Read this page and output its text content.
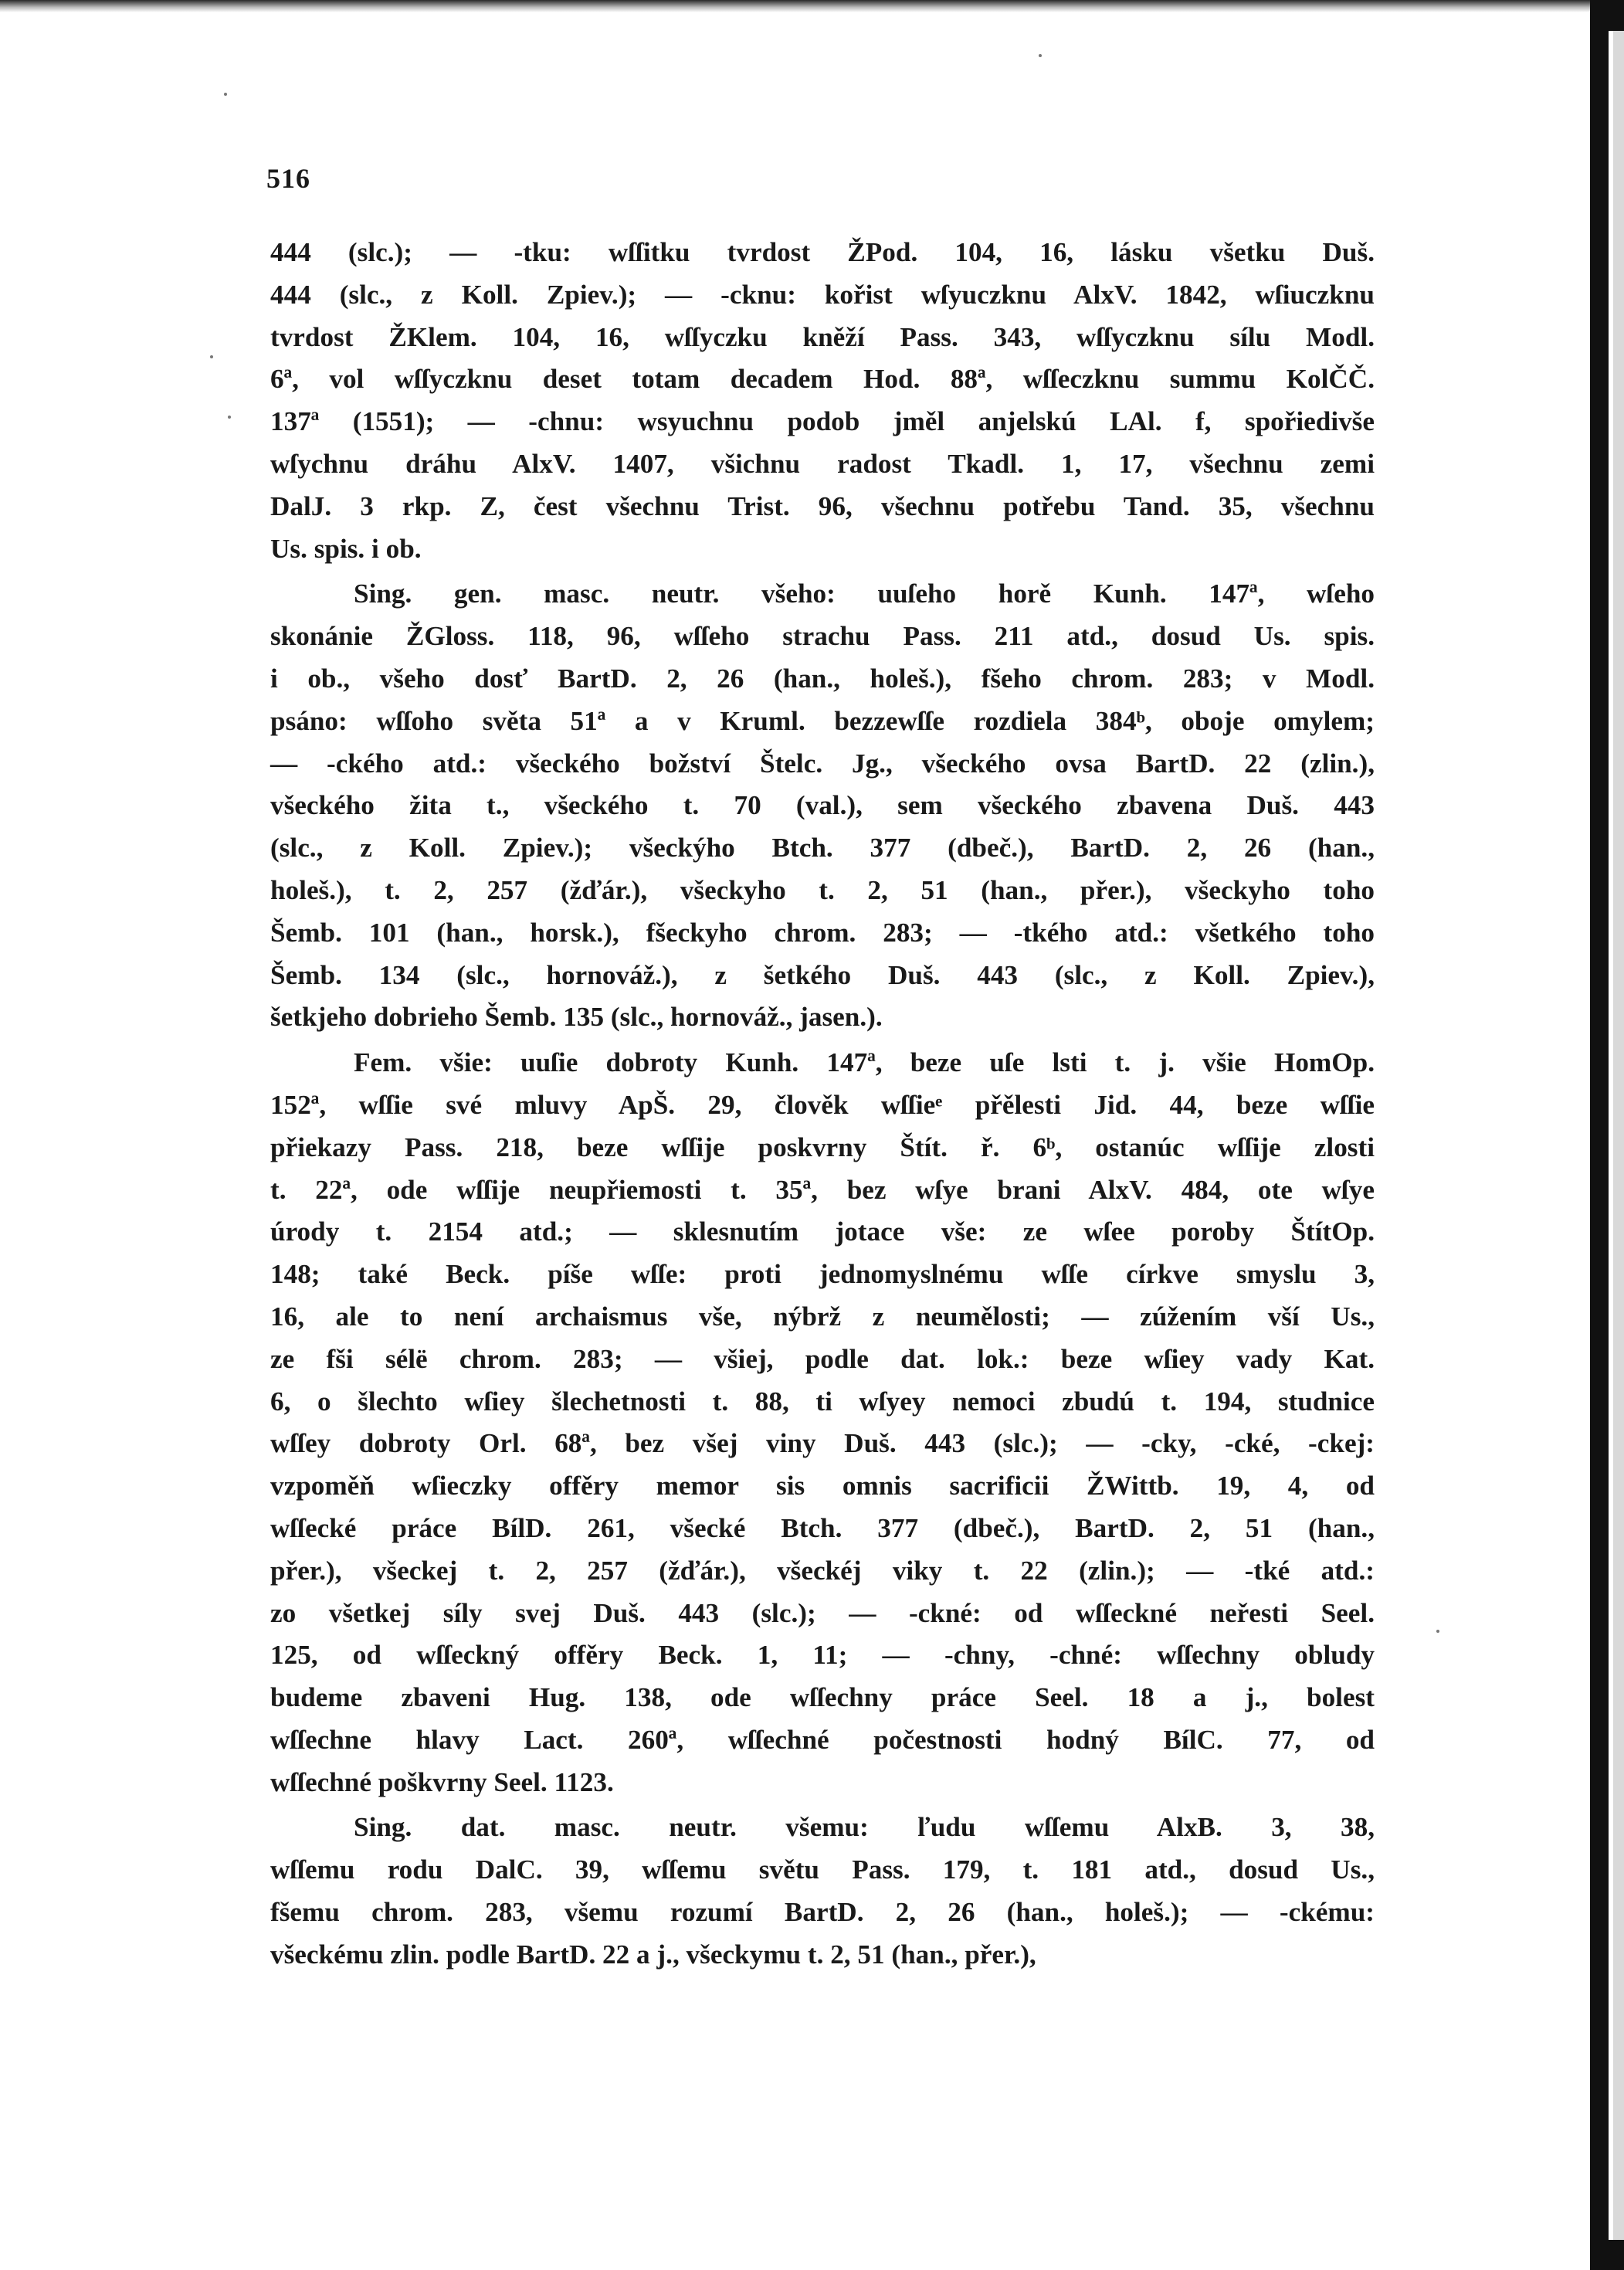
516
444 (slc.); — -tku: wſſitku tvrdost ŽPod. 104, 16, lásku všetku Duš.
444 (slc., z Koll. Zpiev.); — -cknu: kořist wſyuczknu AlxV. 1842, wſiuczknu
tvrdost ŽKlem. 104, 16, wſſyczku kněží Pass. 343, wſſyczknu sílu Modl.
6ª, vol wſſyczknu deset totam decadem Hod. 88ª, wſſeczknu summu KolČČ.
137ª (1551); — -chnu: wsyuchnu podob jměl anjelskú LAl. f, spořiedivše
wſychnu dráhu AlxV. 1407, všichnu radost Tkadl. 1, 17, všechnu zemi
DalJ. 3 rkp. Z, čest všechnu Trist. 96, všechnu potřebu Tand. 35, všechnu
Us. spis. i ob.
Sing. gen. masc. neutr. všeho: uuſeho horě Kunh. 147ª, wſeho
skonánie ŽGloss. 118, 96, wſſeho strachu Pass. 211 atd., dosud Us. spis.
i ob., všeho dosť BartD. 2, 26 (han., holeš.), fšeho chrom. 283; v Modl.
psáno: wſſoho světa 51ª a v Kruml. bezzewſſe rozdiela 384ᵇ, oboje omylem;
— -ckého atd.: všeckého božství Štelc. Jg., všeckého ovsa BartD. 22 (zlin.),
všeckého žita t., všeckého t. 70 (val.), sem všeckého zbavena Duš. 443
(slc., z Koll. Zpiev.); všeckýho Btch. 377 (dbeč.), BartD. 2, 26 (han.,
holeš.), t. 2, 257 (žďár.), všeckyho t. 2, 51 (han., přer.), všeckyho toho
Šemb. 101 (han., horsk.), fšeckyho chrom. 283; — -tkého atd.: všetkého toho
Šemb. 134 (slc., hornováž.), z šetkého Duš. 443 (slc., z Koll. Zpiev.),
šetkjeho dobrieho Šemb. 135 (slc., hornováž., jasen.).
Fem. všie: uuſie dobroty Kunh. 147ª, beze uſe lsti t. j. všie HomOp.
152ª, wſſie své mluvy ApŠ. 29, člověk wſſieᵉ přělesti Jid. 44, beze wſſie
přiekazy Pass. 218, beze wſſije poskvrny Štít. ř. 6ᵇ, ostanúc wſſije zlosti
t. 22ª, ode wſſije neupřiemosti t. 35ª, bez wſye brani AlxV. 484, ote wſye
úrody t. 2154 atd.; — sklesnutím jotace vše: ze wſee poroby ŠtítOp.
148; také Beck. píše wſſe: proti jednomyslnému wſſe církve smyslu 3,
16, ale to není archaismus vše, nýbrž z neumělosti; — zúžením vší Us.,
ze fši sélë chrom. 283; — všiej, podle dat. lok.: beze wſiey vady Kat.
6, o šlechto wſiey šlechetnosti t. 88, ti wſyey nemoci zbudú t. 194, studnice
wſſey dobroty Orl. 68ª, bez všej viny Duš. 443 (slc.); — -cky, -cké, -ckej:
vzpoměň wſieczky offěry memor sis omnis sacrificii ŽWittb. 19, 4, od
wſſecké práce BílD. 261, všecké Btch. 377 (dbeč.), BartD. 2, 51 (han.,
přer.), všeckej t. 2, 257 (žďár.), všeckéj viky t. 22 (zlin.); — -tké atd.:
zo všetkej síly svej Duš. 443 (slc.); — -ckné: od wſſeckné neřesti Seel.
125, od wſſeckný offěry Beck. 1, 11; — -chny, -chné: wſſechny obludy
budeme zbaveni Hug. 138, ode wſſechny práce Seel. 18 a j., bolest
wſſechne hlavy Lact. 260ª, wſſechné počestnosti hodný BílC. 77, od
wſſechné poškvrny Seel. 1123.
Sing. dat. masc. neutr. všemu: ľudu wſſemu AlxB. 3, 38,
wſſemu rodu DalC. 39, wſſemu světu Pass. 179, t. 181 atd., dosud Us.,
fšemu chrom. 283, všemu rozumí BartD. 2, 26 (han., holeš.); — -ckému:
všeckému zlin. podle BartD. 22 a j., všeckymu t. 2, 51 (han., přer.),
